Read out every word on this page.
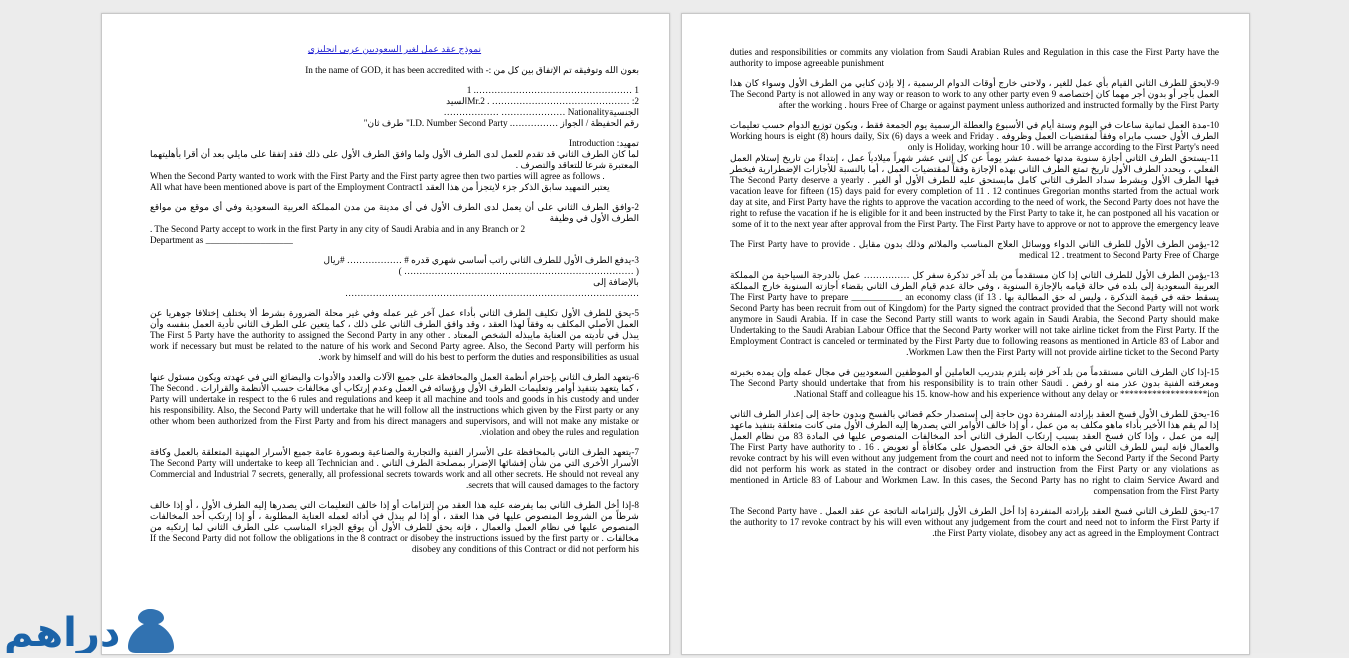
نموذج عقد عمل لغير السعوديين عربي انجليزي
بعون الله وتوفيقه تم الإتفاق بين كل من :- In the name of GOD, it has been accredited with
1 ……………………………………………. 1
Mr.2 . ……………………………………… :2السيد
الجنسيةNationality ………………… ………………
رقم الحفيظة / الجواز ……………. I.D. Number Second Party" طرف ثان"
تمهيد: Introduction
لما كان الطرف الثاني قد تقدم للعمل لدى الطرف الأول ولما وافق الطرف الأول على ذلك فقد إتفقا على مايلي بعد أن أقرا بأهليتهما المعتبرة شرعا للتعاقد والتصرف .
When the Second Party wanted to work with the First Party and the First party agree then two parties will agree as follows .
All what have been mentioned above is part of the Employment Contract1 يعتبر التمهيد سابق الذكر جزء لايتجزأ من هذا العقد
2-وافق الطرف الثاني على أن يعمل لدى الطرف الأول في أي مدينة من مدن المملكة العربية السعودية وفي أي موقع من مواقع الطرف الأول في وظيفة
. The Second Party accept to work in the first Party in any city of Saudi Arabia and in any Branch or 2
Department as ___________________
3-يدفع الطرف الأول للطرف الثاني راتب أساسي شهري قدره # ……………… #ريال
( ………………………………………………………………… )
بالإضافة إلى
……………………………………………………………………………………
5-يحق للطرف الأول تكليف الطرف الثاني بأداء عمل آخر غير عمله وفي غير محلة الضرورة بشرط ألا يختلف إختلافا جوهريا عن العمل الأصلي المكلف به وفقاً لهذا العقد ، وقد وافق الطرف الثاني على ذلك ، كما يتعين على الطرف الثاني تأدية العمل بنفسه وأن يبذل في تأديته من العناية مايبذله الشخص المعتاد . The First 5 Party have the authority to assigned the Second Party in any other work if necessary but must be related to the nature of his work and Second Party agree. Also, the Second Party will perform his work by himself and will do his best to perform the duties and responsibilities as usual.
6-يتعهد الطرف الثاني بإحترام أنظمة العمل والمحافظة على جميع الآلات والعدد والأدوات والبضائع التي في عهدته ويكون مسئول عنها ، كما يتعهد بتنفيذ أوامر وتعليمات الطرف الأول ورؤسائه في العمل وعدم إرتكاب أي مخالفات حسب الأنظمة والقرارات . The Second Party will undertake in respect to the 6 rules and regulations and keep it all machine and tools and goods in his custody and under his responsibility. Also, the Second Party will undertake that he will follow all the instructions which given by the First party or any other whom been authorized from the First Party and from his direct managers and supervisors, and will not make any mistake or violation and obey the rules and regulation.
7-يتعهد الطرف الثاني بالمحافظة على الأسرار الفنية والتجارية والصناعية وبصورة عامة جميع الأسرار المهنية المتعلقة بالعمل وكافة الأسرار الأخرى التي من شأن إفشائها الإضرار بمصلحة الطرف الثاني . The Second Party will undertake to keep all Technician and Commercial and Industrial 7 secrets, generally, all professional secrets towards work and all other secrets. He should not reveal any secrets that will caused damages to the factory.
8-إذا أخل الطرف الثاني بما يفرضه عليه هذا العقد من إلتزامات أو إذا خالف التعليمات التي يصدرها إليه الطرف الأول ، أو إذا خالف شرطاً من الشروط المنصوص عليها في هذا العقد ، أو إذا لم يبذل في أدائه لعمله العناية المطلوبة ، أو إذا إرتكب أحد المخالفات المنصوص عليها في نظام العمل والعمال ، فإنه يحق للطرف الأول أن يوقع الجزاء المناسب على الطرف الثاني لما إرتكبه من مخالفات . If the Second Party did not follow the obligations in the 8 contract or disobey the instructions issued by the first party or disobey any conditions of this Contract or did not perform his
duties and responsibilities or commits any violation from Saudi Arabian Rules and Regulation in this case the First Party have the authority to impose agreeable punishment
9-لايحق للطرف الثاني القيام بأي عمل للغير ، ولاحتى خارج أوقات الدوام الرسمية ، إلا بإذن كتابي من الطرف الأول وسواء كان هذا العمل بأجر أو بدون أجر مهما كان إختصاصه 9 The Second Party is not allowed in any way or reason to work to any other party even after the working . hours Free of Charge or against payment unless authorized and instructed formally by the First Party
10-مدة العمل ثمانية ساعات في اليوم وستة أيام في الأسبوع والعطلة الرسمية يوم الجمعة فقط ، ويكون توزيع الدوام حسب تعليمات الطرف الأول حسب مايراه وفقاً لمقتضيات العمل وظروفه . Working hours is eight (8) hours daily, Six (6) days a week and Friday only is Holiday, working hour 10 . will be arrange according to the First Party's need
11-يستحق الطرف الثاني أجازة سنوية مدتها خمسة عشر يوماً عن كل إثني عشر شهراً ميلادياً عمل ، إبتداءً من تاريخ إستلام العمل الفعلي ، ويحدد الطرف الأول تاريخ تمتع الطرف الثاني بهذه الإجازة وفقاً لمقتضيات العمل ، أما بالنسبة للأجازات الإضطرارية فيخطر فيها الطرف الأول ويشرط سداد الطرف الثاني كامل مايستحق عليه للطرف الأول أو الغير . The Second Party deserve a yearly vacation leave for fifteen (15) days paid for every completion of 11 . 12 continues Gregorian months started from the actual work day at site, and First Party have the rights to approve the vacation according to the need of work, the Second Party does not have the right to refuse the vacation if he is eligible for it and been instructed by the First Party to take it, he can postponed all his vacation or some of it to the next year after approval from the First Party. The First Party have to approve or not to approve the emergency leave
12-يؤمن الطرف الأول للطرف الثاني الدواء ووسائل العلاج المناسب والملائم وذلك بدون مقابل . The First Party have to provide medical 12 . treatment to Second Party Free of Charge
13-يؤمن الطرف الأول للطرف الثاني إذا كان مستقدماً من بلد آخر تذكرة سفر كل …………… عمل بالدرجة السياحية من المملكة العربية السعودية إلى بلده في حالة قيامه بالإجازة السنوية ، وفي حالة عدم قيام الطرف الثاني بقضاء أجازته السنوية خارج المملكة يسقط حقه في قيمة التذكرة ، وليس له حق المطالبة بها . 13 The First Party have to prepare ___________ an economy class (if Second Party has been recruit from out of Kingdom) for the Party signed the contract provided that the Second Party will not work anymore in Saudi Arabia. If in case the Second Party still wants to work again in Saudi Arabia, the Second Party should make Undertaking to the Saudi Arabian Labour Office that the Second Party worker will not take airline ticket from the First Party. If the Employment Contract is canceled or terminated by the First Party due to following reasons as mentioned in Article 83 of Labor and Workmen Law then the First Party will not provide airline ticket to the Second Party.
15-إذا كان الطرف الثاني مستقدماً من بلد آخر فإنه يلتزم بتدريب العاملين أو الموظفين السعوديين في مجال عمله وإن يمده بخبرته ومعرفته الفنية بدون عذر منه او رفض . The Second Party should undertake that from his responsibility is to train other Saudi National Staff and colleague his 15. know-how and his experience without any delay or *******************ion.
16-يحق للطرف الأول فسخ العقد بإرادته المنفردة دون حاجة إلى إستصدار حكم قضائي بالفسخ وبدون حاجة إلى إعذار الطرف الثاني إذا لم يقم هذا الأخير بأداء ماهو مكلف به من عمل ، أو إذا خالف الأوامر التي يصدرها إليه الطرف الأول متى كانت متعلقة بتنفيذ ماعهد إليه من عمل ، وإذا كان فسخ العقد بسبب إرتكاب الطرف الثاني أحد المخالفات المنصوص عليها في المادة 83 من نظام العمل والعمال فإنه ليس للطرف الثاني في هذه الحالة حق في الحصول على مكافأة أو تعويض . 16 . The First Party have authority to revoke contract by his will even without any judgement from the court and need not to inform the Second Party if the Second Party did not perform his work as stated in the contract or disobey order and instruction from the First Party or any violations as mentioned in Article 83 of Labour and Workmen Law. In this cases, the Second Party has no right to claim Service Award and compensation from the First Party
17-يحق للطرف الثاني فسخ العقد بإرادته المنفردة إذا أخل الطرف الأول بإلتزاماته الناتجة عن عقد العمل . The Second Party have the authority to 17 revoke contract by his will even without any judgement from the court and need not to inform the First Party if the First Party violate, disobey any act as agreed in the Employment Contract.
دراهم
